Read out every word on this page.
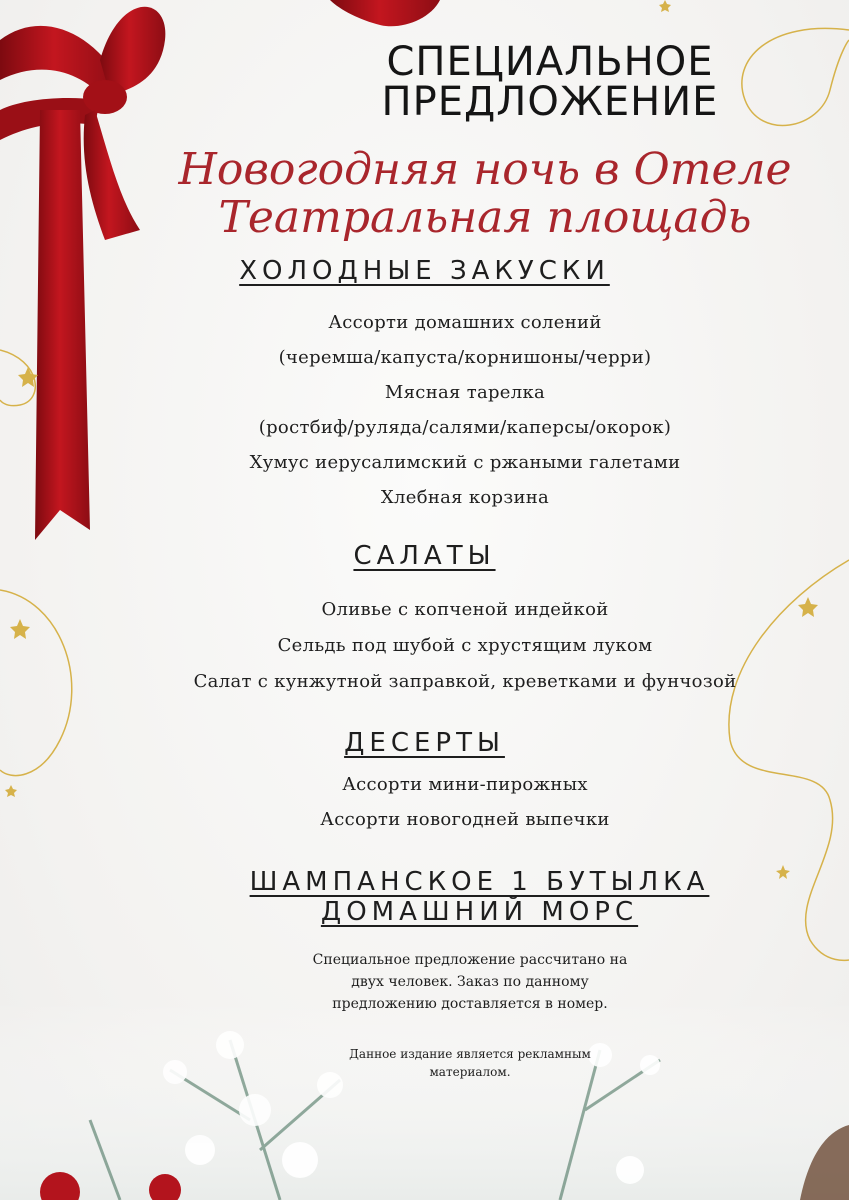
СПЕЦИАЛЬНОЕ
ПРЕДЛОЖЕНИЕ
Новогодняя ночь в Отеле
Театральная площадь
ХОЛОДНЫЕ ЗАКУСКИ
Ассорти домашних солений
(черемша/капуста/корнишоны/черри)
Мясная тарелка
(ростбиф/руляда/салями/каперсы/окорок)
Хумус иерусалимский с ржаными галетами
Хлебная корзина
САЛАТЫ
Оливье с копченой индейкой
Сельдь под шубой с хрустящим луком
Салат с кунжутной заправкой, креветками и фунчозой
ДЕСЕРТЫ
Ассорти мини-пирожных
Ассорти новогодней выпечки
ШАМПАНСКОЕ 1 БУТЫЛКА
ДОМАШНИЙ МОРС
Специальное предложение рассчитано на
двух человек. Заказ по данному
предложению доставляется в номер.
Данное издание является рекламным
материалом.
